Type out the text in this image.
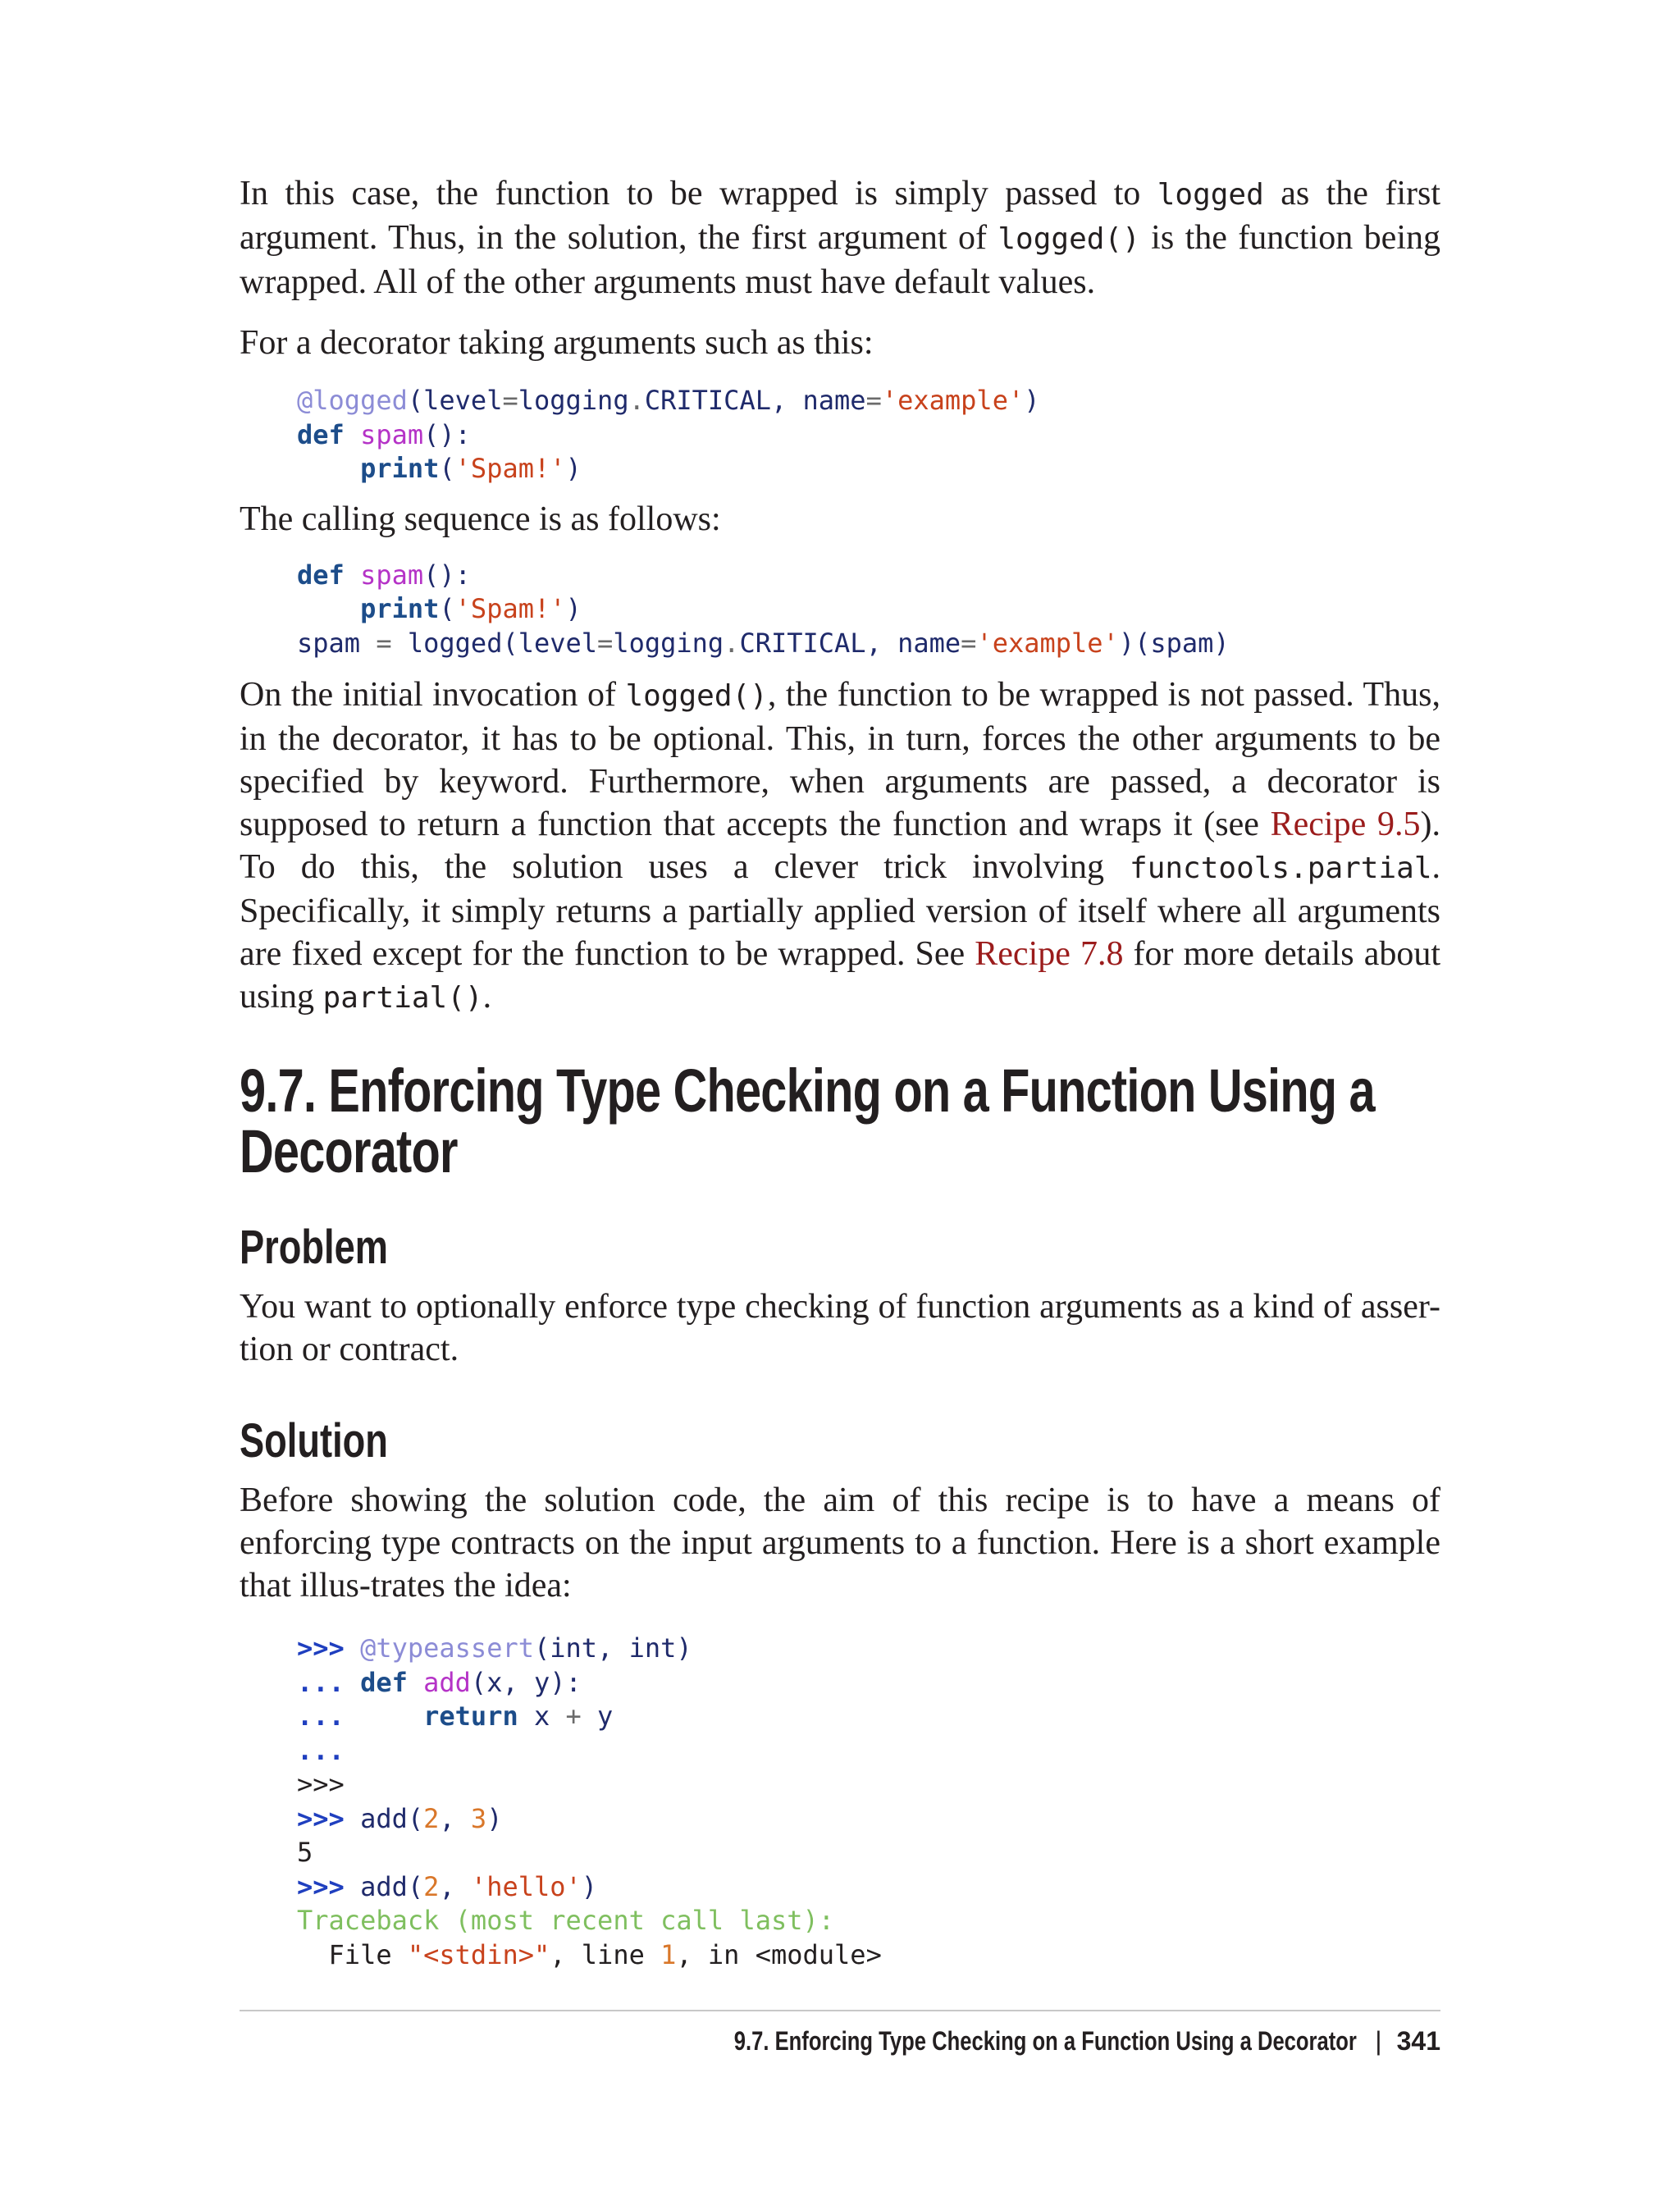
In this case, the function to be wrapped is simply passed to logged as the first argument. Thus, in the solution, the first argument of logged() is the function being wrapped. All of the other arguments must have default values.

For a decorator taking arguments such as this:

@logged(level=logging.CRITICAL, name='example')
def spam():
print('Spam!')

The calling sequence is as follows:

def spam():
print('Spam!')
spam = logged(level=logging.CRITICAL, name='example')(spam)

On the initial invocation of logged(), the function to be wrapped is not passed. Thus, in the decorator, it has to be optional. This, in turn, forces the other arguments to be specified by keyword. Furthermore, when arguments are passed, a decorator is supposed to return a function that accepts the function and wraps it (see Recipe 9.5). To do this, the solution uses a clever trick involving functools.partial. Specifically, it simply returns a partially applied version of itself where all arguments are fixed except for the function to be wrapped. See Recipe 7.8 for more details about using partial().

9.7. Enforcing Type Checking on a Function Using a
Decorator
Problem

You want to optionally enforce type checking of function arguments as a kind of asser-tion or contract.

Solution

Before showing the solution code, the aim of this recipe is to have a means of enforcing type contracts on the input arguments to a function. Here is a short example that illus-trates the idea:

>>> @typeassert(int, int)
... def add(x, y):
...	return x + y
...
>>>
>>> add(2, 3)
5
>>> add(2, 'hello')
Traceback (most recent call last):
File "<stdin>", line 1, in <module>
9.7. Enforcing Type Checking on a Function Using a Decorator | 341
